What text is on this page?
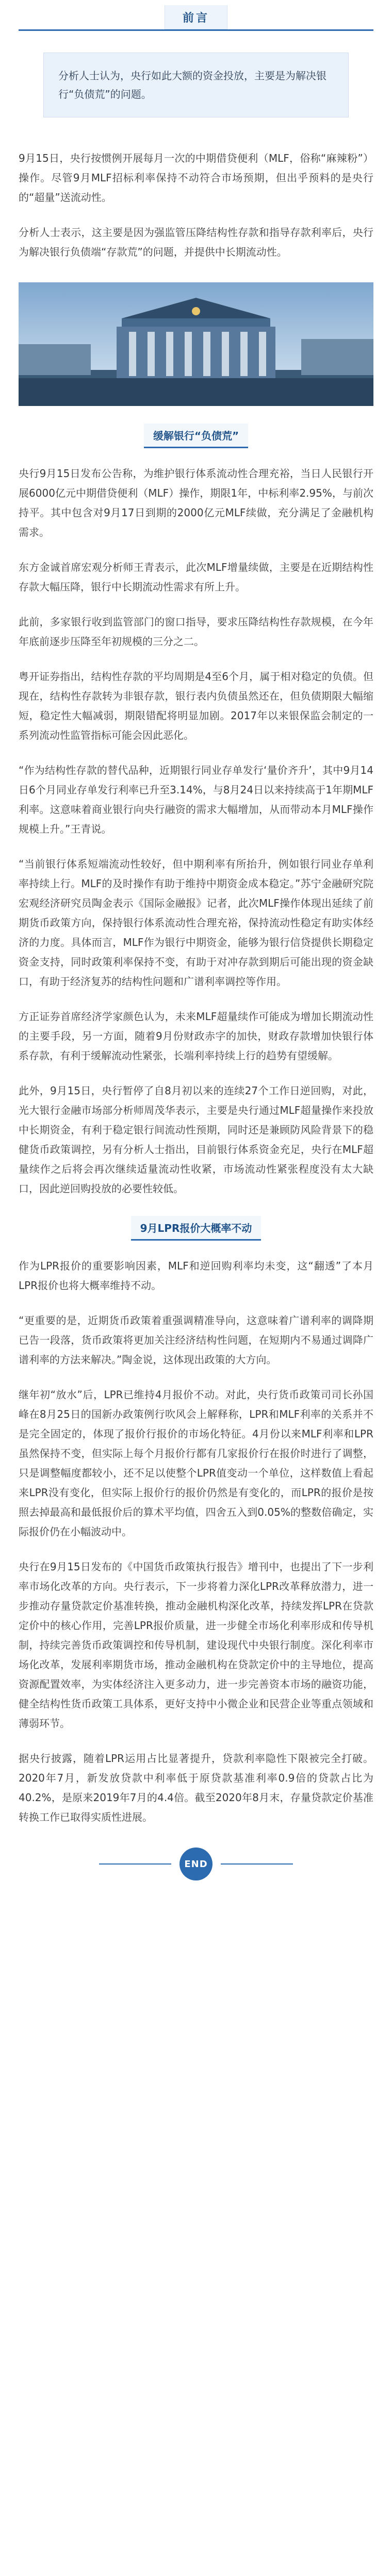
前言
分析人士认为，央行如此大额的资金投放，主要是为解决银行“负债荒”的问题。

9月15日，央行按惯例开展每月一次的中期借贷便利（MLF，俗称“麻辣粉”）操作。尽管9月MLF招标利率保持不动符合市场预期，但出乎预料的是央行的“超量”送流动性。

分析人士表示，这主要是因为强监管压降结构性存款和指导存款利率后，央行为解决银行负债端“存款荒”的问题，并提供中长期流动性。

缓解银行“负债荒”

央行9月15日发布公告称，为维护银行体系流动性合理充裕，当日人民银行开展6000亿元中期借贷便利（MLF）操作，期限1年，中标利率2.95%，与前次持平。其中包含对9月17日到期的2000亿元MLF续做，充分满足了金融机构需求。

东方金诚首席宏观分析师王青表示，此次MLF增量续做，主要是在近期结构性存款大幅压降，银行中长期流动性需求有所上升。

此前，多家银行收到监管部门的窗口指导，要求压降结构性存款规模，在今年年底前逐步压降至年初规模的三分之二。

粤开证券指出，结构性存款的平均周期是4至6个月，属于相对稳定的负债。但现在，结构性存款转为非银存款，银行表内负债虽然还在，但负债期限大幅缩短，稳定性大幅减弱，期限错配将明显加剧。2017年以来银保监会制定的一系列流动性监管指标可能会因此恶化。

“作为结构性存款的替代品种，近期银行同业存单发行‘量价齐升’，其中9月14日6个月同业存单发行利率已升至3.14%，与8月24日以来持续高于1年期MLF利率。这意味着商业银行向央行融资的需求大幅增加，从而带动本月MLF操作规模上升。”王青说。

“当前银行体系短端流动性较好，但中期利率有所抬升，例如银行同业存单利率持续上行。MLF的及时操作有助于维持中期资金成本稳定。”苏宁金融研究院宏观经济研究员陶金表示《国际金融报》记者，此次MLF操作体现出延续了前期货币政策方向，保持银行体系流动性合理充裕，保持流动性稳定有助实体经济的力度。具体而言，MLF作为银行中期资金，能够为银行信贷提供长期稳定资金支持，同时政策利率保持不变，有助于对冲存款到期后可能出现的资金缺口，有助于经济复苏的结构性问题和广谱利率调控等作用。

方正证券首席经济学家颜色认为，未来MLF超量续作可能成为增加长期流动性的主要手段，另一方面，随着9月份财政赤字的加快，财政存款增加快银行体系存款，有利于缓解流动性紧张，长端利率持续上行的趋势有望缓解。

此外，9月15日，央行暂停了自8月初以来的连续27个工作日逆回购，对此，光大银行金融市场部分析师周茂华表示，主要是央行通过MLF超量操作来投放中长期资金，有利于稳定银行间流动性预期，同时还是兼顾防风险背景下的稳健货币政策调控，另有分析人士指出，目前银行体系资金充足，央行在MLF超量续作之后将会再次继续适量流动性收紧，市场流动性紧张程度没有太大缺口，因此逆回购投放的必要性较低。

9月LPR报价大概率不动

作为LPR报价的重要影响因素，MLF和逆回购利率均未变，这“翻透”了本月LPR报价也将大概率维持不动。

“更重要的是，近期货币政策着重强调精准导向，这意味着广谱利率的调降期已告一段落，货币政策将更加关注经济结构性问题，在短期内不易通过调降广谱利率的方法来解决。”陶金说，这体现出政策的大方向。

继年初“放水”后，LPR已维持4月报价不动。对此，央行货币政策司司长孙国峰在8月25日的国新办政策例行吹风会上解释称，LPR和MLF利率的关系并不是完全固定的，体现了报价行报价的市场化特征。4月份以来MLF利率和LPR虽然保持不变，但实际上每个月报价行都有几家报价行在报价时进行了调整，只是调整幅度都较小，还不足以使整个LPR值变动一个单位，这样数值上看起来LPR没有变化，但实际上报价行的报价仍然是有变化的，而LPR的报价是按照去掉最高和最低报价后的算术平均值，四舍五入到0.05%的整数倍确定，实际报价仍在小幅波动中。

央行在9月15日发布的《中国货币政策执行报告》增刊中，也提出了下一步利率市场化改革的方向。央行表示，下一步将着力深化LPR改革释放潜力，进一步推动存量贷款定价基准转换，推动金融机构深化改革，持续发挥LPR在贷款定价中的核心作用，完善LPR报价质量，进一步健全市场化利率形成和传导机制，持续完善货币政策调控和传导机制，建设现代中央银行制度。深化利率市场化改革，发展利率期货市场，推动金融机构在贷款定价中的主导地位，提高资源配置效率，为实体经济注入更多动力，进一步完善资本市场的融资功能，健全结构性货币政策工具体系，更好支持中小微企业和民营企业等重点领域和薄弱环节。

据央行披露，随着LPR运用占比显著提升，贷款利率隐性下限被完全打破。2020年7月，新发放贷款中利率低于原贷款基准利率0.9倍的贷款占比为40.2%，是原来2019年7月的4.4倍。截至2020年8月末，存量贷款定价基准转换工作已取得实质性进展。

END
